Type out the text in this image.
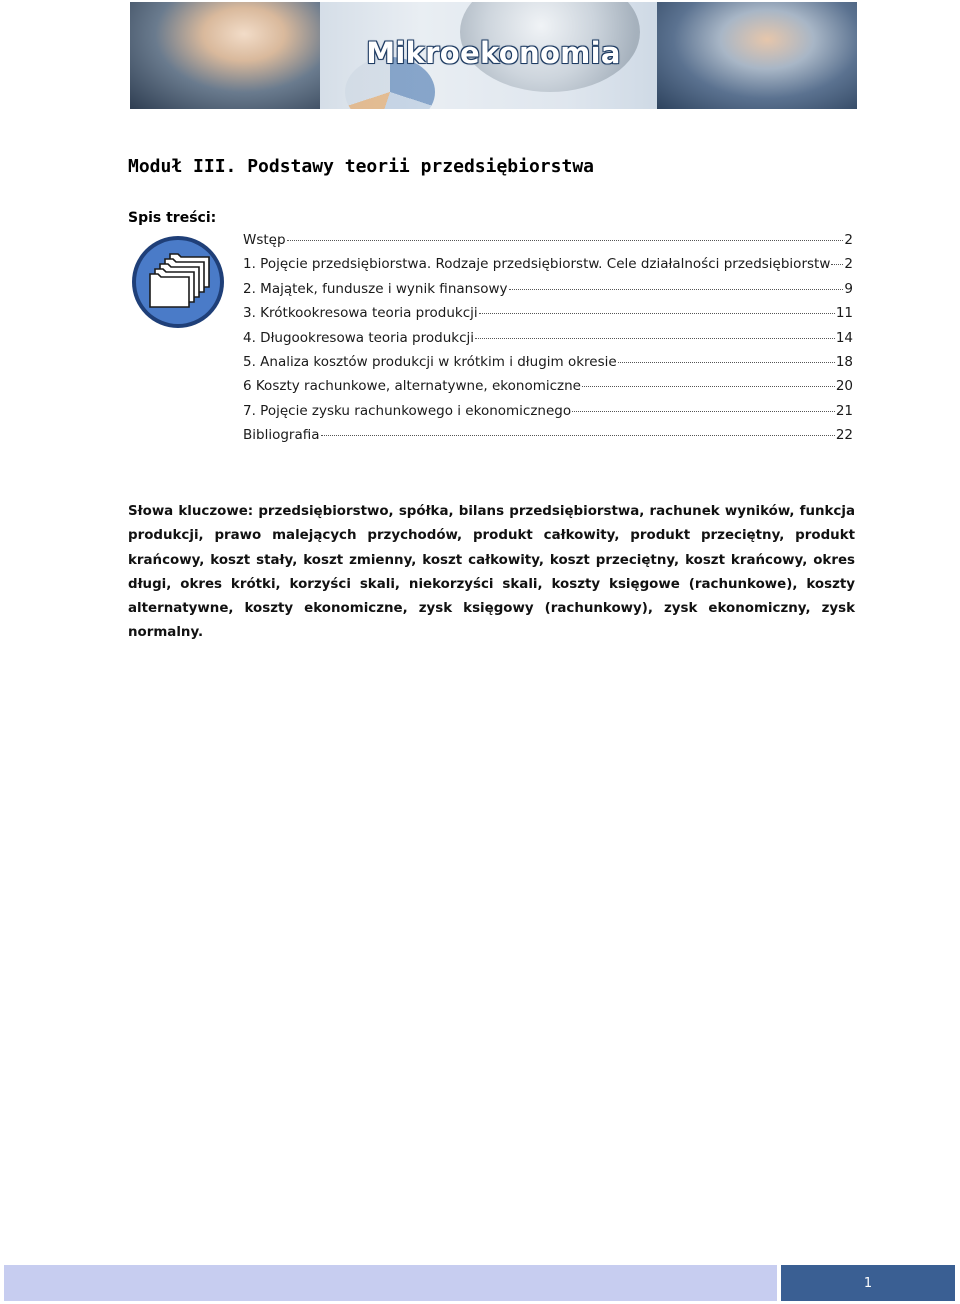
Mikroekonomia
Moduł III. Podstawy teorii przedsiębiorstwa
Spis treści:
Wstęp	2
1. Pojęcie przedsiębiorstwa. Rodzaje przedsiębiorstw. Cele działalności przedsiębiorstw 2
2. Majątek, fundusze i wynik finansowy	9
3. Krótkookresowa teoria produkcji	11
4. Długookresowa teoria produkcji	14
5. Analiza kosztów produkcji w krótkim i długim okresie	18
6 Koszty rachunkowe, alternatywne, ekonomiczne	20
7. Pojęcie zysku rachunkowego i ekonomicznego	21
Bibliografia	22

Słowa kluczowe: przedsiębiorstwo, spółka, bilans przedsiębiorstwa, rachunek wyników, funkcja produkcji, prawo malejących przychodów, produkt całkowity, produkt przeciętny, produkt krańcowy, koszt stały, koszt zmienny, koszt całkowity, koszt przeciętny, koszt krańcowy, okres długi, okres krótki, korzyści skali, niekorzyści skali, koszty księgowe (rachunkowe), koszty alternatywne, koszty ekonomiczne, zysk księgowy (rachunkowy), zysk ekonomiczny, zysk normalny.

1
